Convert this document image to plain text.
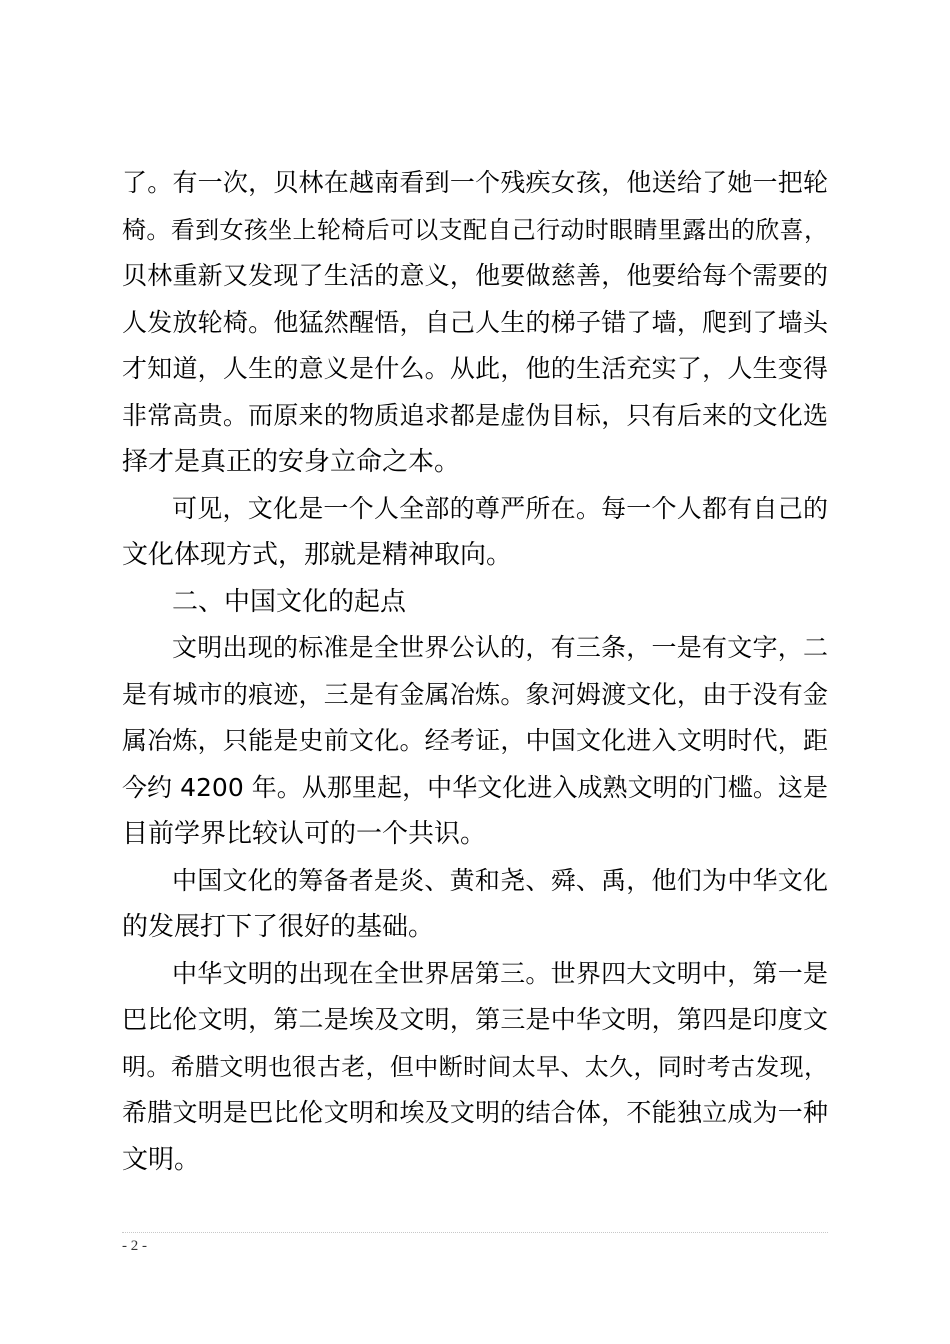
了。有一次，贝林在越南看到一个残疾女孩，他送给了她一把轮
椅。看到女孩坐上轮椅后可以支配自己行动时眼睛里露出的欣喜，
贝林重新又发现了生活的意义，他要做慈善，他要给每个需要的
人发放轮椅。他猛然醒悟，自己人生的梯子错了墙，爬到了墙头
才知道，人生的意义是什么。从此，他的生活充实了，人生变得
非常高贵。而原来的物质追求都是虚伪目标，只有后来的文化选
择才是真正的安身立命之本。
可见，文化是一个人全部的尊严所在。每一个人都有自己的
文化体现方式，那就是精神取向。
二、中国文化的起点
文明出现的标准是全世界公认的，有三条，一是有文字，二
是有城市的痕迹，三是有金属冶炼。象河姆渡文化，由于没有金
属冶炼，只能是史前文化。经考证，中国文化进入文明时代，距
今约 4200 年。从那里起，中华文化进入成熟文明的门槛。这是
目前学界比较认可的一个共识。
中国文化的筹备者是炎、黄和尧、舜、禹，他们为中华文化
的发展打下了很好的基础。
中华文明的出现在全世界居第三。世界四大文明中，第一是
巴比伦文明，第二是埃及文明，第三是中华文明，第四是印度文
明。希腊文明也很古老，但中断时间太早、太久，同时考古发现，
希腊文明是巴比伦文明和埃及文明的结合体，不能独立成为一种
文明。
- 2 -
